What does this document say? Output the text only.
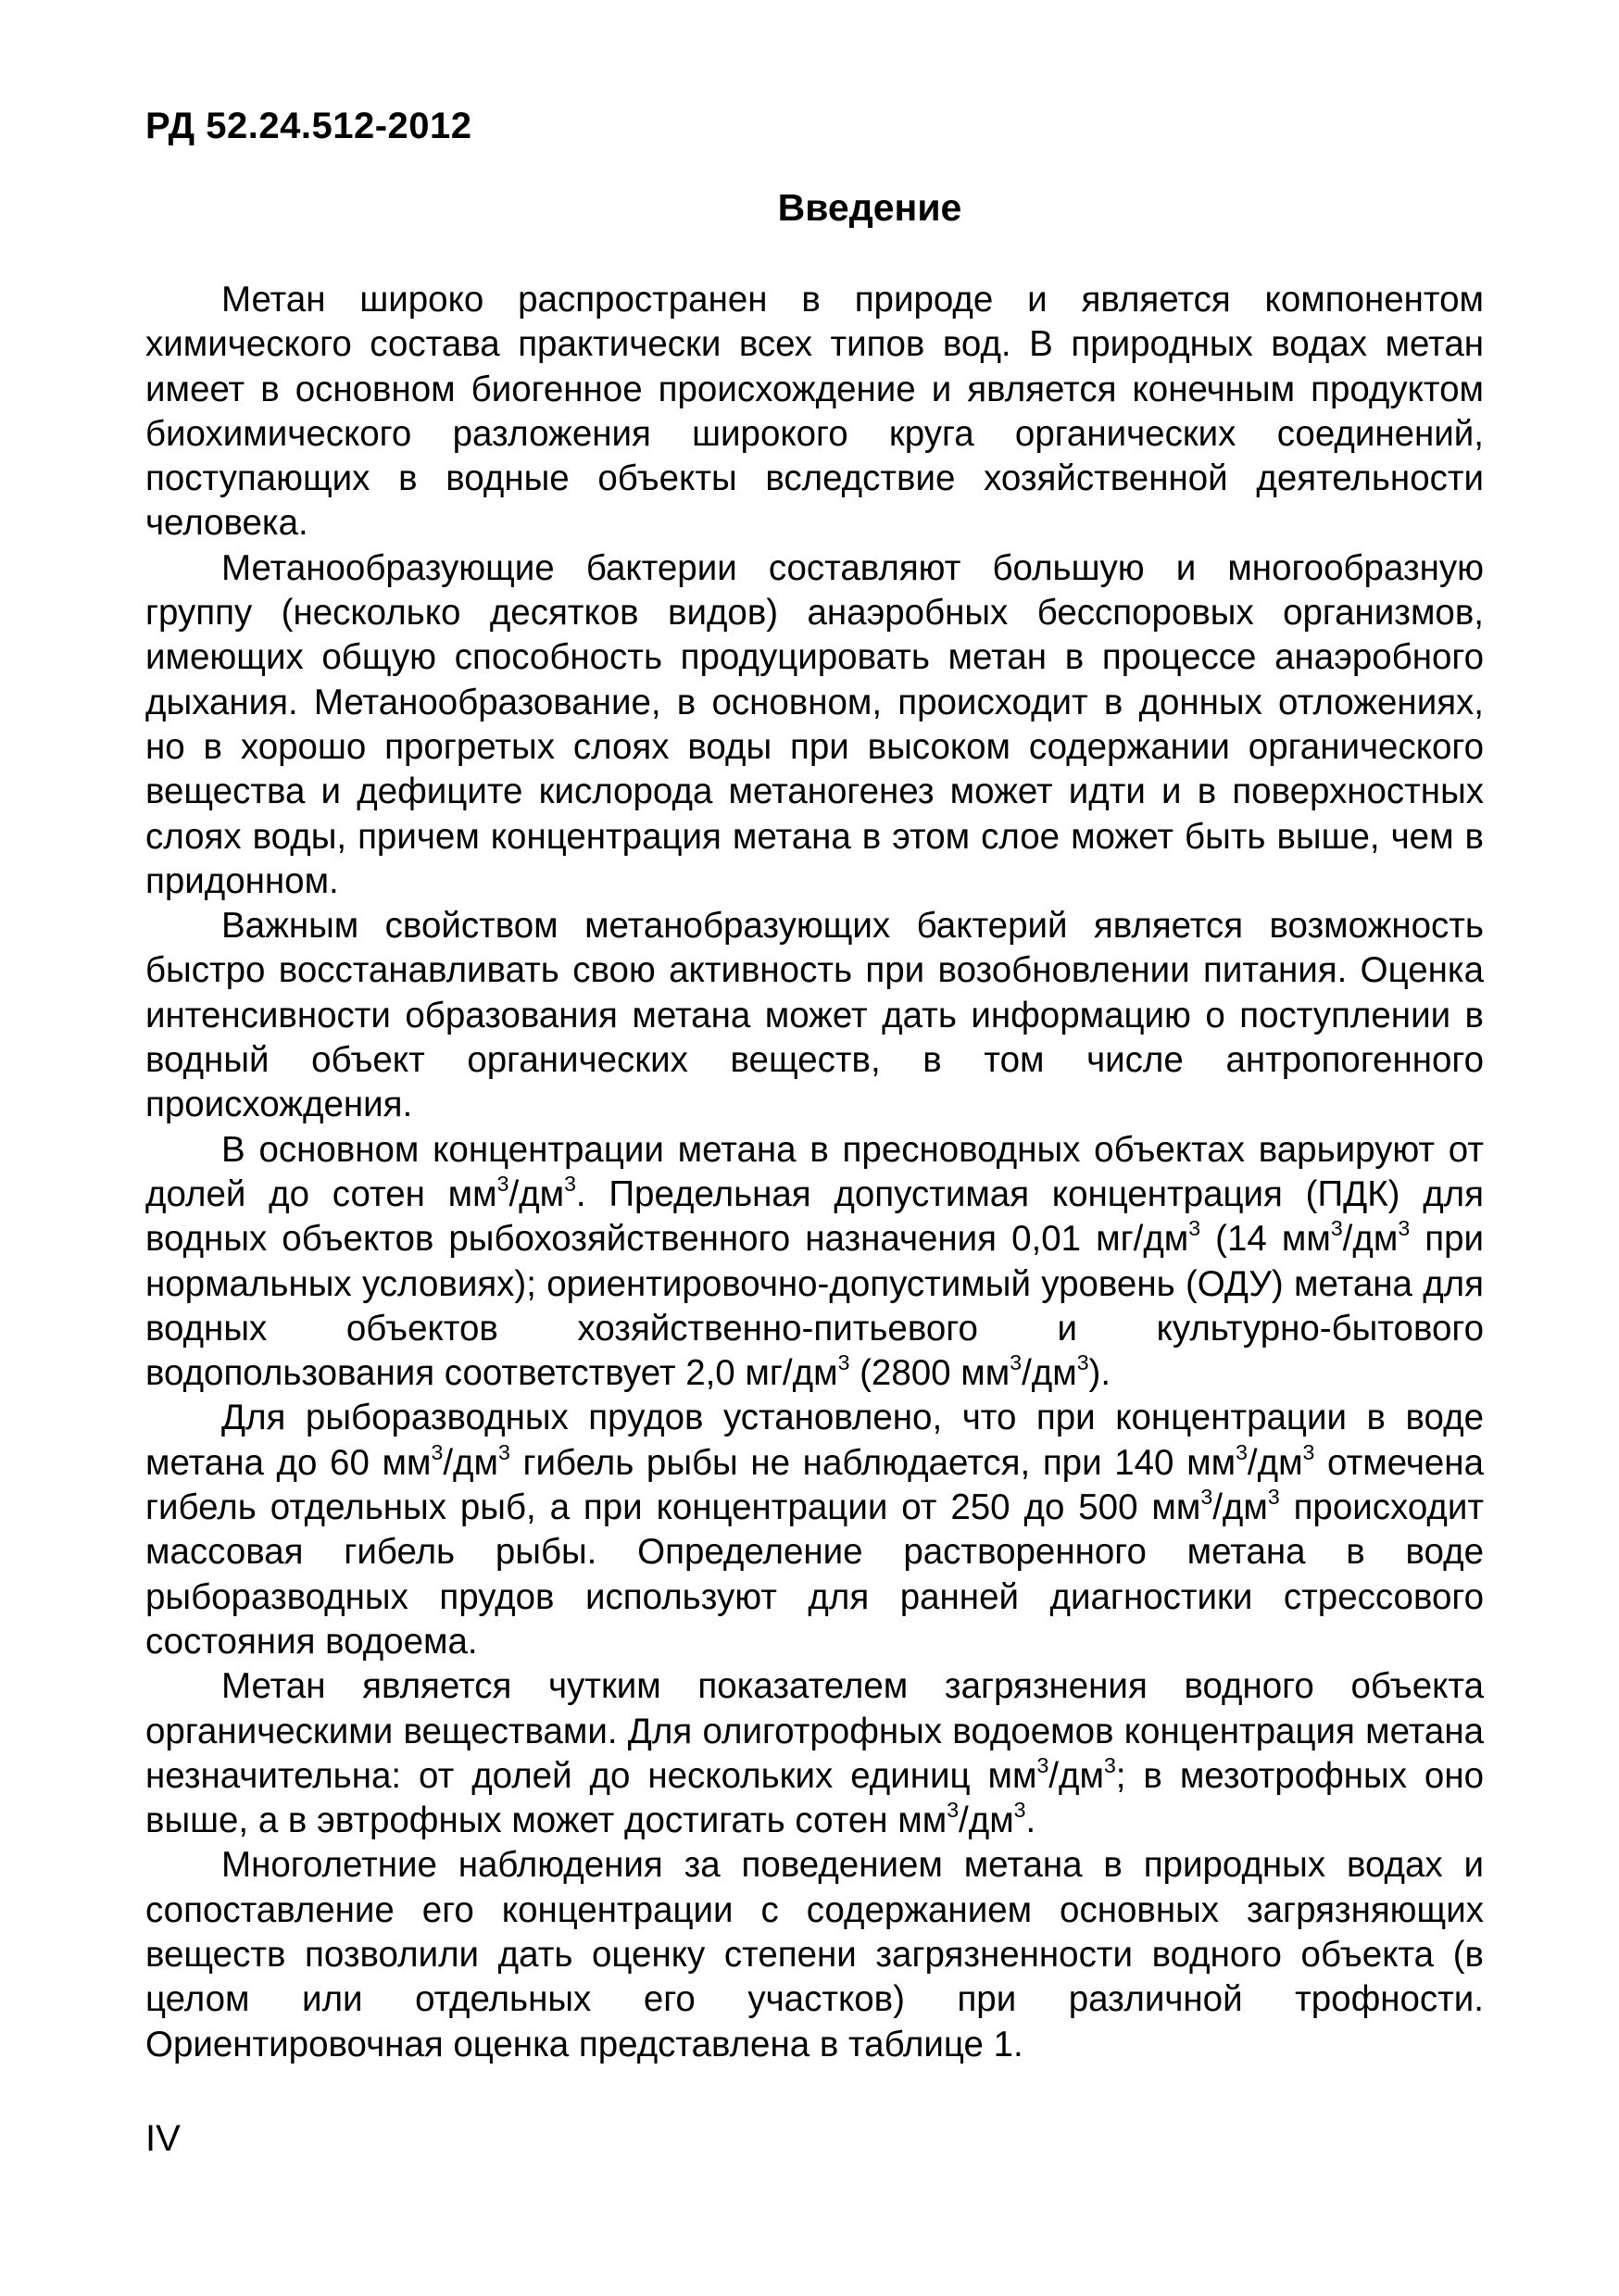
РД 52.24.512-2012
Введение

Метан широко распространен в природе и является компонентом химического состава практически всех типов вод. В природных водах метан имеет в основном биогенное происхождение и является конечным продуктом биохимического разложения широкого круга органических соединений, поступающих в водные объекты вследствие хозяйственной деятельности человека.

Метанообразующие бактерии составляют большую и многообразную группу (несколько десятков видов) анаэробных бесспоровых организмов, имеющих общую способность продуцировать метан в процессе анаэробного дыхания. Метанообразование, в основном, происходит в донных отложениях, но в хорошо прогретых слоях воды при высоком содержании органического вещества и дефиците кислорода метаногенез может идти и в поверхностных слоях воды, причем концентрация метана в этом слое может быть выше, чем в придонном.

Важным свойством метанобразующих бактерий является возможность быстро восстанавливать свою активность при возобновлении питания. Оценка интенсивности образования метана может дать информацию о поступлении в водный объект органических веществ, в том числе антропогенного происхождения.

В основном концентрации метана в пресноводных объектах варьируют от долей до сотен $мм^3/дм^3$. Предельная допустимая концентрация (ПДК) для водных объектов рыбохозяйственного назначения 0,01 $мг/дм^3$ (14 $мм^3/дм^3$ при нормальных условиях); ориентировочно-допустимый уровень (ОДУ) метана для водных объектов хозяйственно-питьевого и культурно-бытового водопользования соответствует 2,0 $мг/дм^3$ (2800 $мм^3/дм^3$).

Для рыборазводных прудов установлено, что при концентрации в воде метана до 60 $мм^3/дм^3$ гибель рыбы не наблюдается, при 140 $мм^3/дм^3$ отмечена гибель отдельных рыб, а при концентрации от 250 до 500 $мм^3/дм^3$ происходит массовая гибель рыбы. Определение растворенного метана в воде рыборазводных прудов используют для ранней диагностики стрессового состояния водоема.

Метан является чутким показателем загрязнения водного объекта органическими веществами. Для олиготрофных водоемов концентрация метана незначительна: от долей до нескольких единиц $мм^3/дм^3$; в мезотрофных оно выше, а в эвтрофных может достигать сотен $мм^3/дм^3$.

Многолетние наблюдения за поведением метана в природных водах и сопоставление его концентрации с содержанием основных загрязняющих веществ позволили дать оценку степени загрязненности водного объекта (в целом или отдельных его участков) при различной трофности. Ориентировочная оценка представлена в таблице 1.

IV
